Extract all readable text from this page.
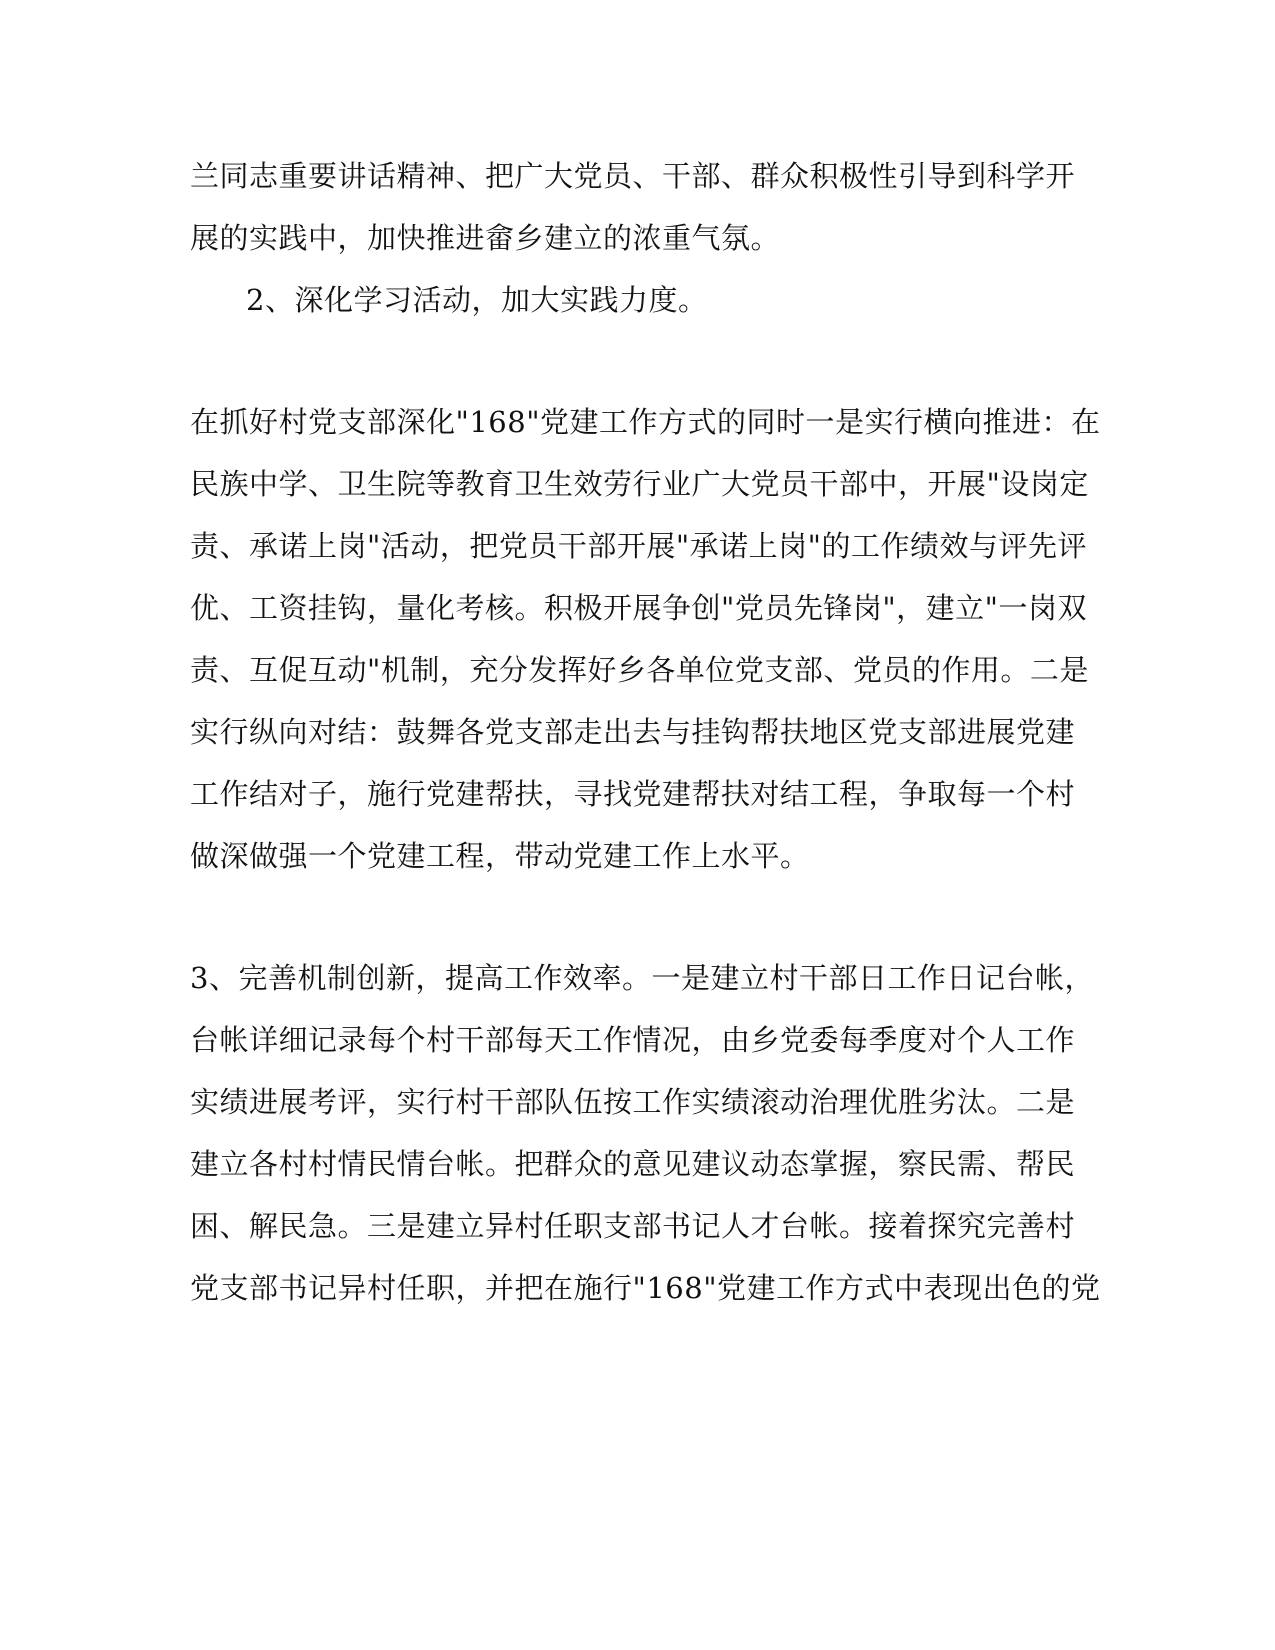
兰同志重要讲话精神、把广大党员、干部、群众积极性引导到科学开
展的实践中，加快推进畲乡建立的浓重气氛。
2、深化学习活动，加大实践力度。
在抓好村党支部深化"168"党建工作方式的同时一是实行横向推进：在
民族中学、卫生院等教育卫生效劳行业广大党员干部中，开展"设岗定
责、承诺上岗"活动，把党员干部开展"承诺上岗"的工作绩效与评先评
优、工资挂钩，量化考核。积极开展争创"党员先锋岗"，建立"一岗双
责、互促互动"机制，充分发挥好乡各单位党支部、党员的作用。二是
实行纵向对结：鼓舞各党支部走出去与挂钩帮扶地区党支部进展党建
工作结对子，施行党建帮扶，寻找党建帮扶对结工程，争取每一个村
做深做强一个党建工程，带动党建工作上水平。
3、完善机制创新，提高工作效率。一是建立村干部日工作日记台帐，
台帐详细记录每个村干部每天工作情况，由乡党委每季度对个人工作
实绩进展考评，实行村干部队伍按工作实绩滚动治理优胜劣汰。二是
建立各村村情民情台帐。把群众的意见建议动态掌握，察民需、帮民
困、解民急。三是建立异村任职支部书记人才台帐。接着探究完善村
党支部书记异村任职，并把在施行"168"党建工作方式中表现出色的党
